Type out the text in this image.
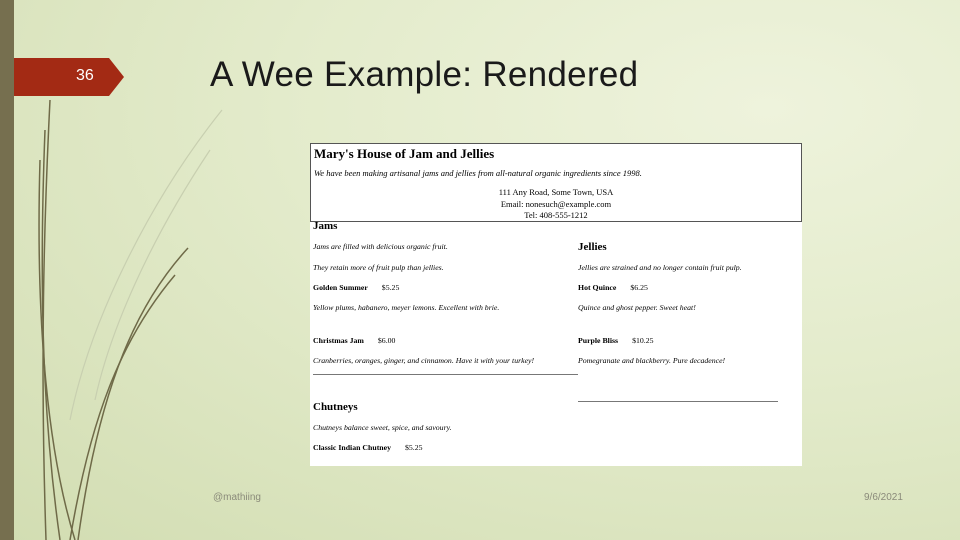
36	A Wee Example: Rendered
Mary's House of Jam and Jellies
We have been making artisanal jams and jellies from all-natural organic ingredients since 1998.
111 Any Road, Some Town, USA
Email: nonesuch@example.com
Tel: 408-555-1212
Jams
Jams are filled with delicious organic fruit.
They retain more of fruit pulp than jellies.
Golden Summer $5.25
Yellow plums, habanero, meyer lemons. Excellent with brie.
Christmas Jam $6.00
Cranberries, oranges, ginger, and cinnamon. Have it with your turkey!
Jellies
Jellies are strained and no longer contain fruit pulp.
Hot Quince $6.25
Quince and ghost pepper. Sweet heat!
Purple Bliss $10.25
Pomegranate and blackberry. Pure decadence!
Chutneys
Chutneys balance sweet, spice, and savoury.
Classic Indian Chutney $5.25
@mathiing	9/6/2021
